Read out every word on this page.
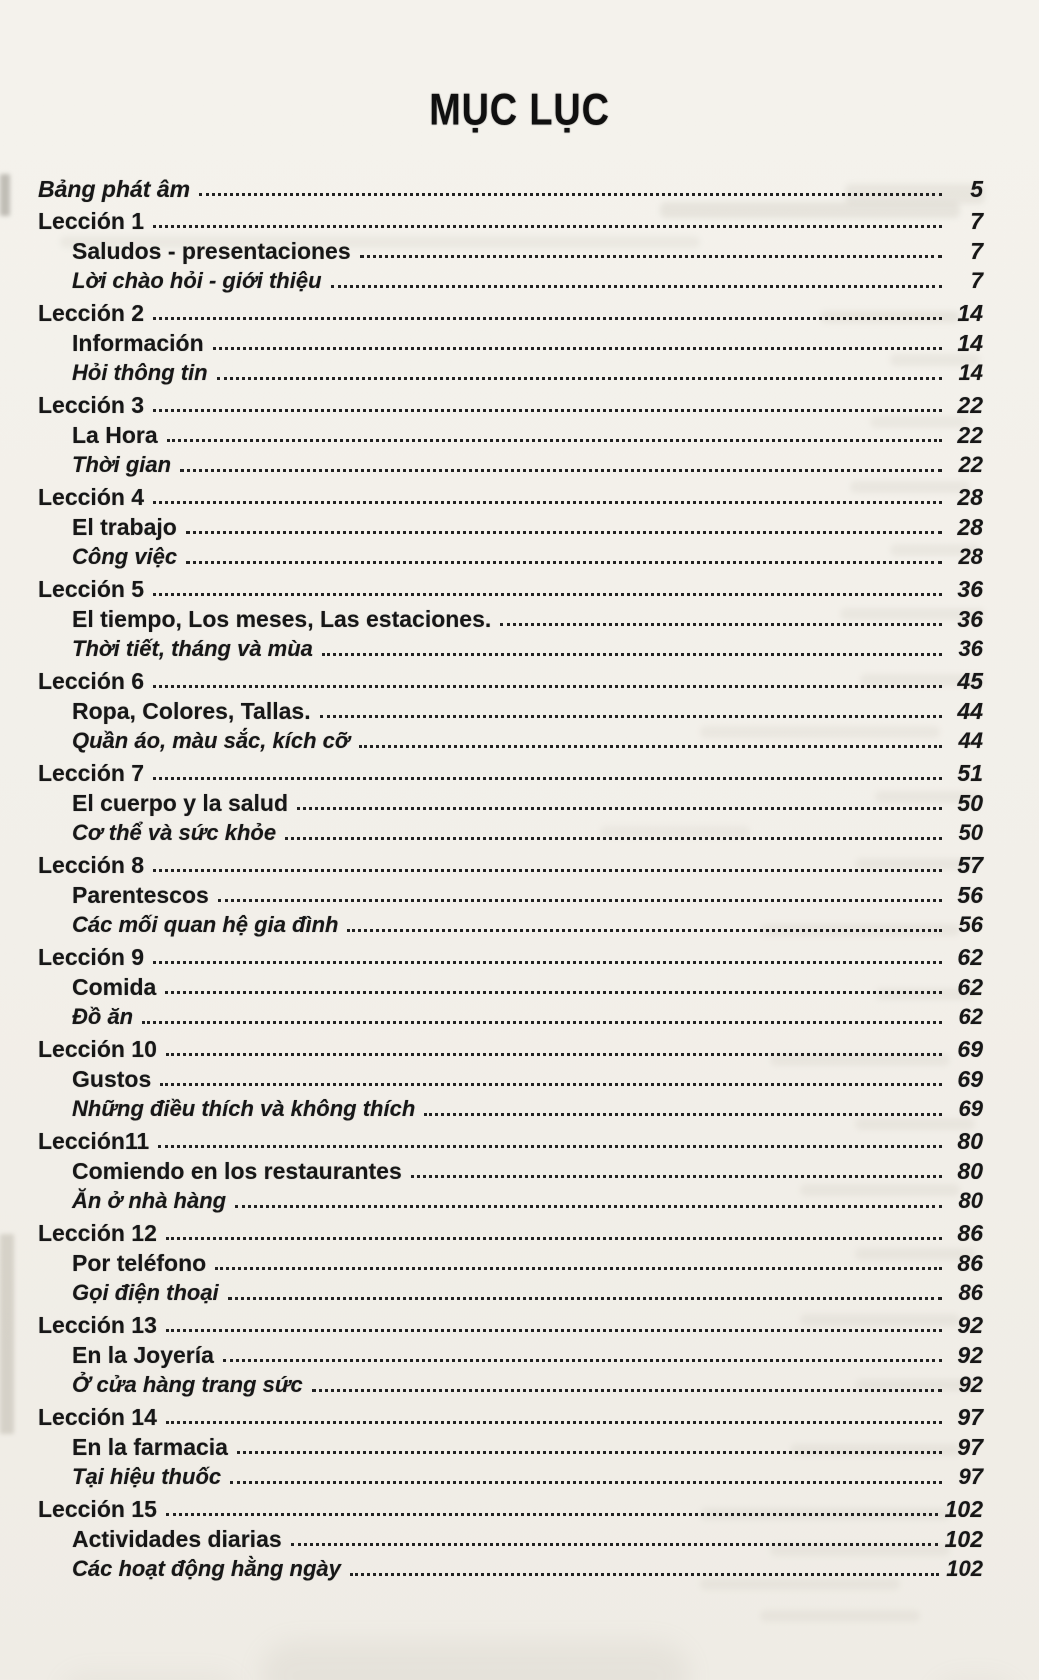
MỤC LỤC
Bảng phát âm	5
Lección 1	7
Saludos - presentaciones	7
Lời chào hỏi - giới thiệu	7
Lección 2	14
Información	14
Hỏi thông tin	14
Lección 3	22
La Hora	22
Thời gian	22
Lección 4	28
El trabajo	28
Công việc	28
Lección 5	36
El tiempo, Los meses, Las estaciones.	36
Thời tiết, tháng và mùa	36
Lección 6	45
Ropa, Colores, Tallas.	44
Quần áo, màu sắc, kích cỡ	44
Lección 7	51
El cuerpo y la salud	50
Cơ thể và sức khỏe	50
Lección 8	57
Parentescos	56
Các mối quan hệ gia đình	56
Lección 9	62
Comida	62
Đồ ăn	62
Lección 10	69
Gustos	69
Những điều thích và không thích	69
Lección11	80
Comiendo en los restaurantes	80
Ăn ở nhà hàng	80
Lección 12	86
Por teléfono	86
Gọi điện thoại	86
Lección 13	92
En la Joyería	92
Ở cửa hàng trang sức	92
Lección 14	97
En la farmacia	97
Tại hiệu thuốc	97
Lección 15	102
Actividades diarias	102
Các hoạt động hằng ngày	102
